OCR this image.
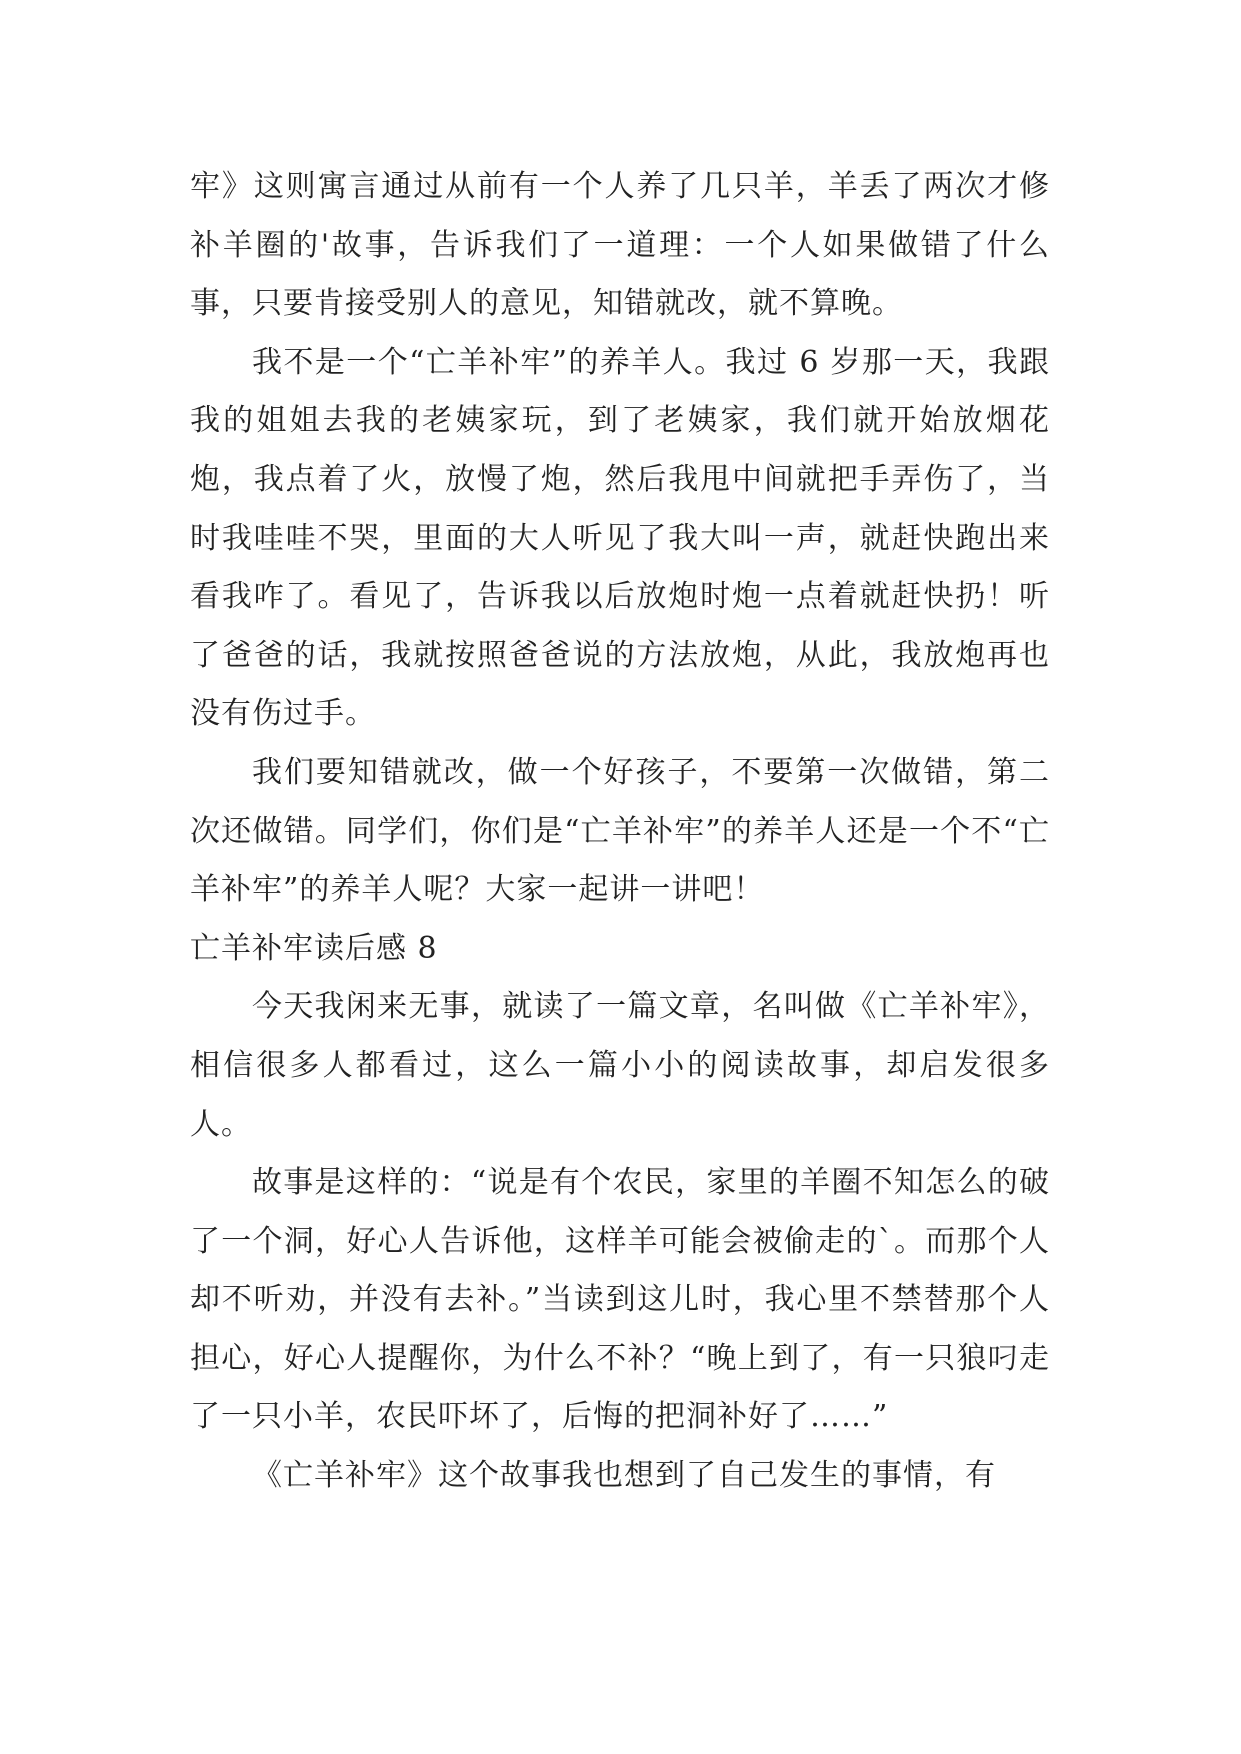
牢》这则寓言通过从前有一个人养了几只羊，羊丢了两次才修补羊圈的'故事，告诉我们了一道理：一个人如果做错了什么事，只要肯接受别人的意见，知错就改，就不算晚。

我不是一个“亡羊补牢”的养羊人。我过 6 岁那一天，我跟我的姐姐去我的老姨家玩，到了老姨家，我们就开始放烟花炮，我点着了火，放慢了炮，然后我甩中间就把手弄伤了，当时我哇哇不哭，里面的大人听见了我大叫一声，就赶快跑出来看我咋了。看见了，告诉我以后放炮时炮一点着就赶快扔！听了爸爸的话，我就按照爸爸说的方法放炮，从此，我放炮再也没有伤过手。

我们要知错就改，做一个好孩子，不要第一次做错，第二次还做错。同学们，你们是“亡羊补牢”的养羊人还是一个不“亡羊补牢”的养羊人呢？大家一起讲一讲吧！

亡羊补牢读后感 8

今天我闲来无事，就读了一篇文章，名叫做《亡羊补牢》，相信很多人都看过，这么一篇小小的阅读故事，却启发很多人。

故事是这样的：“说是有个农民，家里的羊圈不知怎么的破了一个洞，好心人告诉他，这样羊可能会被偷走的`。而那个人却不听劝，并没有去补。”当读到这儿时，我心里不禁替那个人担心，好心人提醒你，为什么不补？“晚上到了，有一只狼叼走了一只小羊，农民吓坏了，后悔的把洞补好了……”

《亡羊补牢》这个故事我也想到了自己发生的事情，有
